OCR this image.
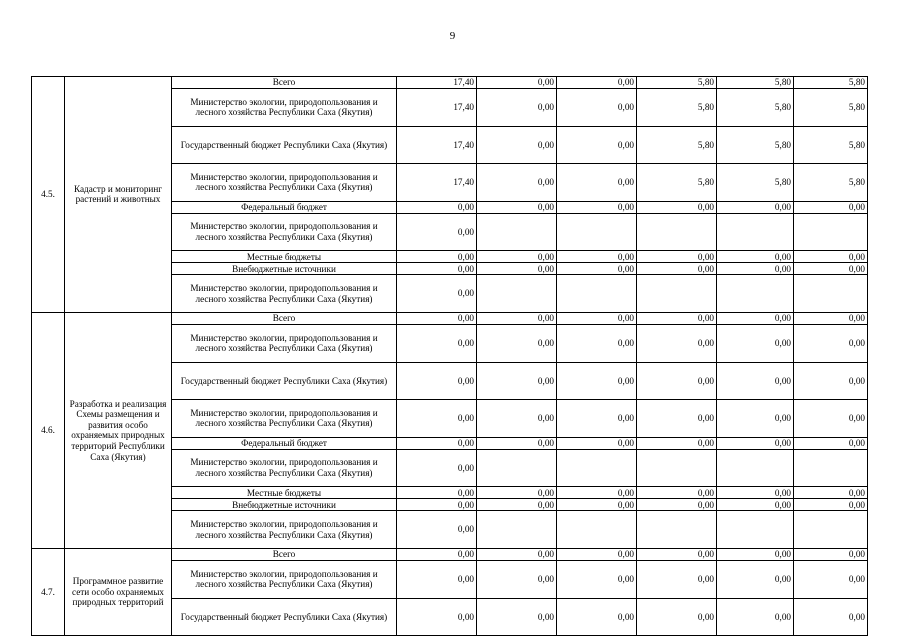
9
4.5.	Кадастр и мониторинг растений и животных	Всего	17,40	0,00	0,00	5,80	5,80	5,80
		Министерство экологии, природопользования и лесного хозяйства Республики Саха (Якутия)	17,40	0,00	0,00	5,80	5,80	5,80
		Государственный бюджет Республики Саха (Якутия)	17,40	0,00	0,00	5,80	5,80	5,80
		Министерство экологии, природопользования и лесного хозяйства Республики Саха (Якутия)	17,40	0,00	0,00	5,80	5,80	5,80
		Федеральный бюджет	0,00	0,00	0,00	0,00	0,00	0,00
		Министерство экологии, природопользования и лесного хозяйства Республики Саха (Якутия)	0,00					
		Местные бюджеты	0,00	0,00	0,00	0,00	0,00	0,00
		Внебюджетные источники	0,00	0,00	0,00	0,00	0,00	0,00
		Министерство экологии, природопользования и лесного хозяйства Республики Саха (Якутия)	0,00					
4.6.	Разработка и реализация Схемы размещения и развития особо охраняемых природных территорий Республики Саха (Якутия)	Всего	0,00	0,00	0,00	0,00	0,00	0,00
		Министерство экологии, природопользования и лесного хозяйства Республики Саха (Якутия)	0,00	0,00	0,00	0,00	0,00	0,00
		Государственный бюджет Республики Саха (Якутия)	0,00	0,00	0,00	0,00	0,00	0,00
		Министерство экологии, природопользования и лесного хозяйства Республики Саха (Якутия)	0,00	0,00	0,00	0,00	0,00	0,00
		Федеральный бюджет	0,00	0,00	0,00	0,00	0,00	0,00
		Министерство экологии, природопользования и лесного хозяйства Республики Саха (Якутия)	0,00					
		Местные бюджеты	0,00	0,00	0,00	0,00	0,00	0,00
		Внебюджетные источники	0,00	0,00	0,00	0,00	0,00	0,00
		Министерство экологии, природопользования и лесного хозяйства Республики Саха (Якутия)	0,00					
4.7.	Программное развитие сети особо охраняемых природных территорий	Всего	0,00	0,00	0,00	0,00	0,00	0,00
		Министерство экологии, природопользования и лесного хозяйства Республики Саха (Якутия)	0,00	0,00	0,00	0,00	0,00	0,00
		Государственный бюджет Республики Саха (Якутия)	0,00	0,00	0,00	0,00	0,00	0,00
